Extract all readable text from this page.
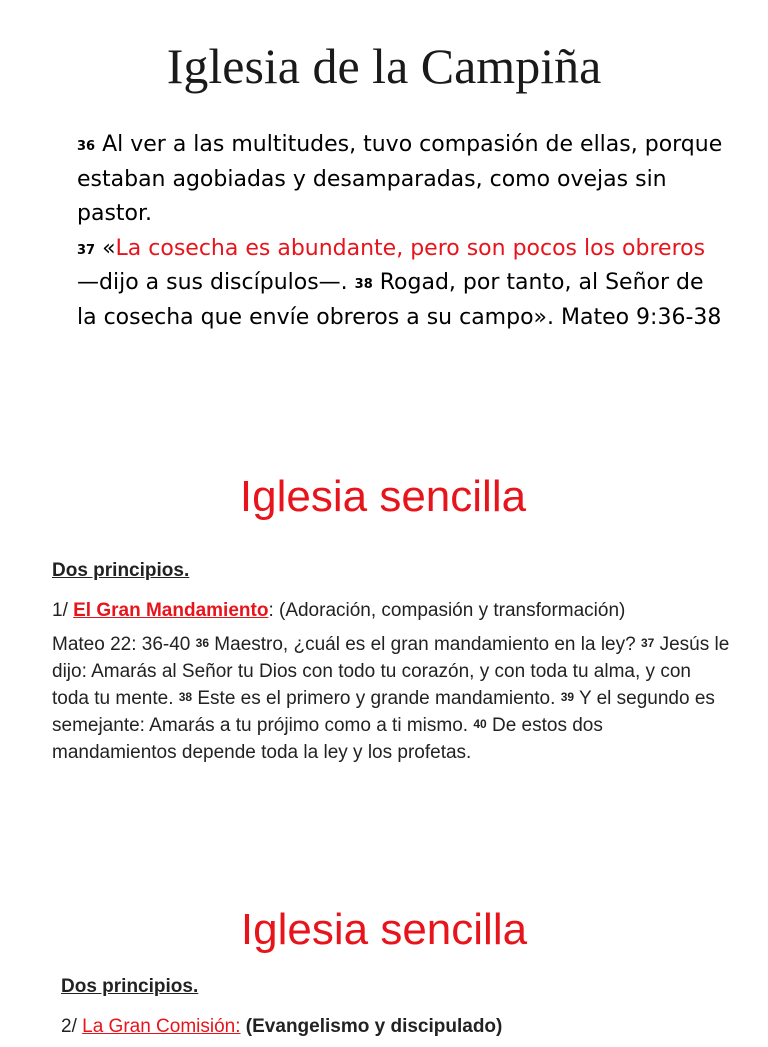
Iglesia de la Campiña

$^{36}$ Al ver a las multitudes, tuvo compasión de ellas, porque estaban agobiadas y desamparadas, como ovejas sin pastor.
$^{37}$ «La cosecha es abundante, pero son pocos los obreros —dijo a sus discípulos—. $^{38}$ Rogad, por tanto, al Señor de la cosecha que envíe obreros a su campo». Mateo 9:36-38

Iglesia sencilla

Dos principios.

1/ El Gran Mandamiento: (Adoración, compasión y transformación)

Mateo 22: 36-40 $^{36}$ Maestro, ¿cuál es el gran mandamiento en la ley? $^{37}$ Jesús le dijo: Amarás al Señor tu Dios con todo tu corazón, y con toda tu alma, y con toda tu mente. $^{38}$ Este es el primero y grande mandamiento. $^{39}$ Y el segundo es semejante: Amarás a tu prójimo como a ti mismo. $^{40}$ De estos dos mandamientos depende toda la ley y los profetas.

Iglesia sencilla

Dos principios.

2/ La Gran Comisión: (Evangelismo y discipulado)
